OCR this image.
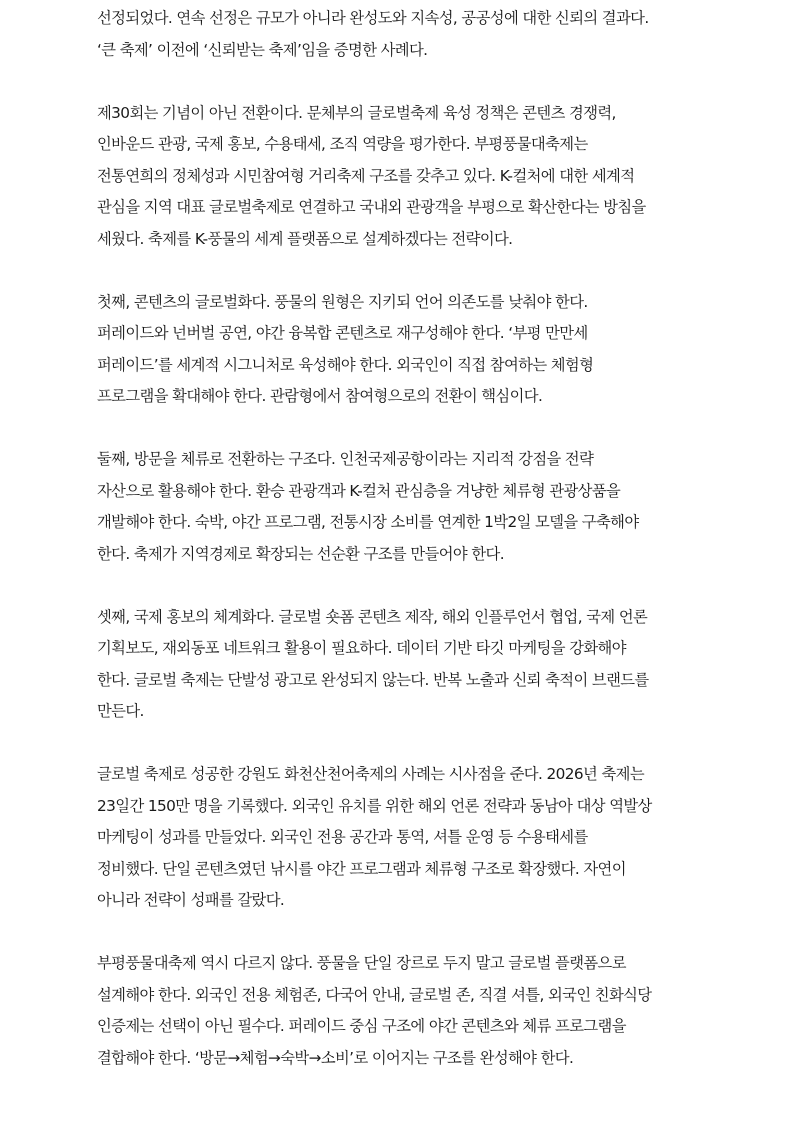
선정되었다. 연속 선정은 규모가 아니라 완성도와 지속성, 공공성에 대한 신뢰의 결과다.
‘큰 축제’ 이전에 ‘신뢰받는 축제’임을 증명한 사례다.

제30회는 기념이 아닌 전환이다. 문체부의 글로벌축제 육성 정책은 콘텐츠 경쟁력,
인바운드 관광, 국제 홍보, 수용태세, 조직 역량을 평가한다. 부평풍물대축제는
전통연희의 정체성과 시민참여형 거리축제 구조를 갖추고 있다. K-컬처에 대한 세계적
관심을 지역 대표 글로벌축제로 연결하고 국내외 관광객을 부평으로 확산한다는 방침을
세웠다. 축제를 K-풍물의 세계 플랫폼으로 설계하겠다는 전략이다.

첫째, 콘텐츠의 글로벌화다. 풍물의 원형은 지키되 언어 의존도를 낮춰야 한다.
퍼레이드와 넌버벌 공연, 야간 융복합 콘텐츠로 재구성해야 한다. ‘부평 만만세
퍼레이드’를 세계적 시그니처로 육성해야 한다. 외국인이 직접 참여하는 체험형
프로그램을 확대해야 한다. 관람형에서 참여형으로의 전환이 핵심이다.

둘째, 방문을 체류로 전환하는 구조다. 인천국제공항이라는 지리적 강점을 전략
자산으로 활용해야 한다. 환승 관광객과 K-컬처 관심층을 겨냥한 체류형 관광상품을
개발해야 한다. 숙박, 야간 프로그램, 전통시장 소비를 연계한 1박2일 모델을 구축해야
한다. 축제가 지역경제로 확장되는 선순환 구조를 만들어야 한다.

셋째, 국제 홍보의 체계화다. 글로벌 숏폼 콘텐츠 제작, 해외 인플루언서 협업, 국제 언론
기획보도, 재외동포 네트워크 활용이 필요하다. 데이터 기반 타깃 마케팅을 강화해야
한다. 글로벌 축제는 단발성 광고로 완성되지 않는다. 반복 노출과 신뢰 축적이 브랜드를
만든다.

글로벌 축제로 성공한 강원도 화천산천어축제의 사례는 시사점을 준다. 2026년 축제는
23일간 150만 명을 기록했다. 외국인 유치를 위한 해외 언론 전략과 동남아 대상 역발상
마케팅이 성과를 만들었다. 외국인 전용 공간과 통역, 셔틀 운영 등 수용태세를
정비했다. 단일 콘텐츠였던 낚시를 야간 프로그램과 체류형 구조로 확장했다. 자연이
아니라 전략이 성패를 갈랐다.

부평풍물대축제 역시 다르지 않다. 풍물을 단일 장르로 두지 말고 글로벌 플랫폼으로
설계해야 한다. 외국인 전용 체험존, 다국어 안내, 글로벌 존, 직결 셔틀, 외국인 친화식당
인증제는 선택이 아닌 필수다. 퍼레이드 중심 구조에 야간 콘텐츠와 체류 프로그램을
결합해야 한다. ‘방문→체험→숙박→소비’로 이어지는 구조를 완성해야 한다.
